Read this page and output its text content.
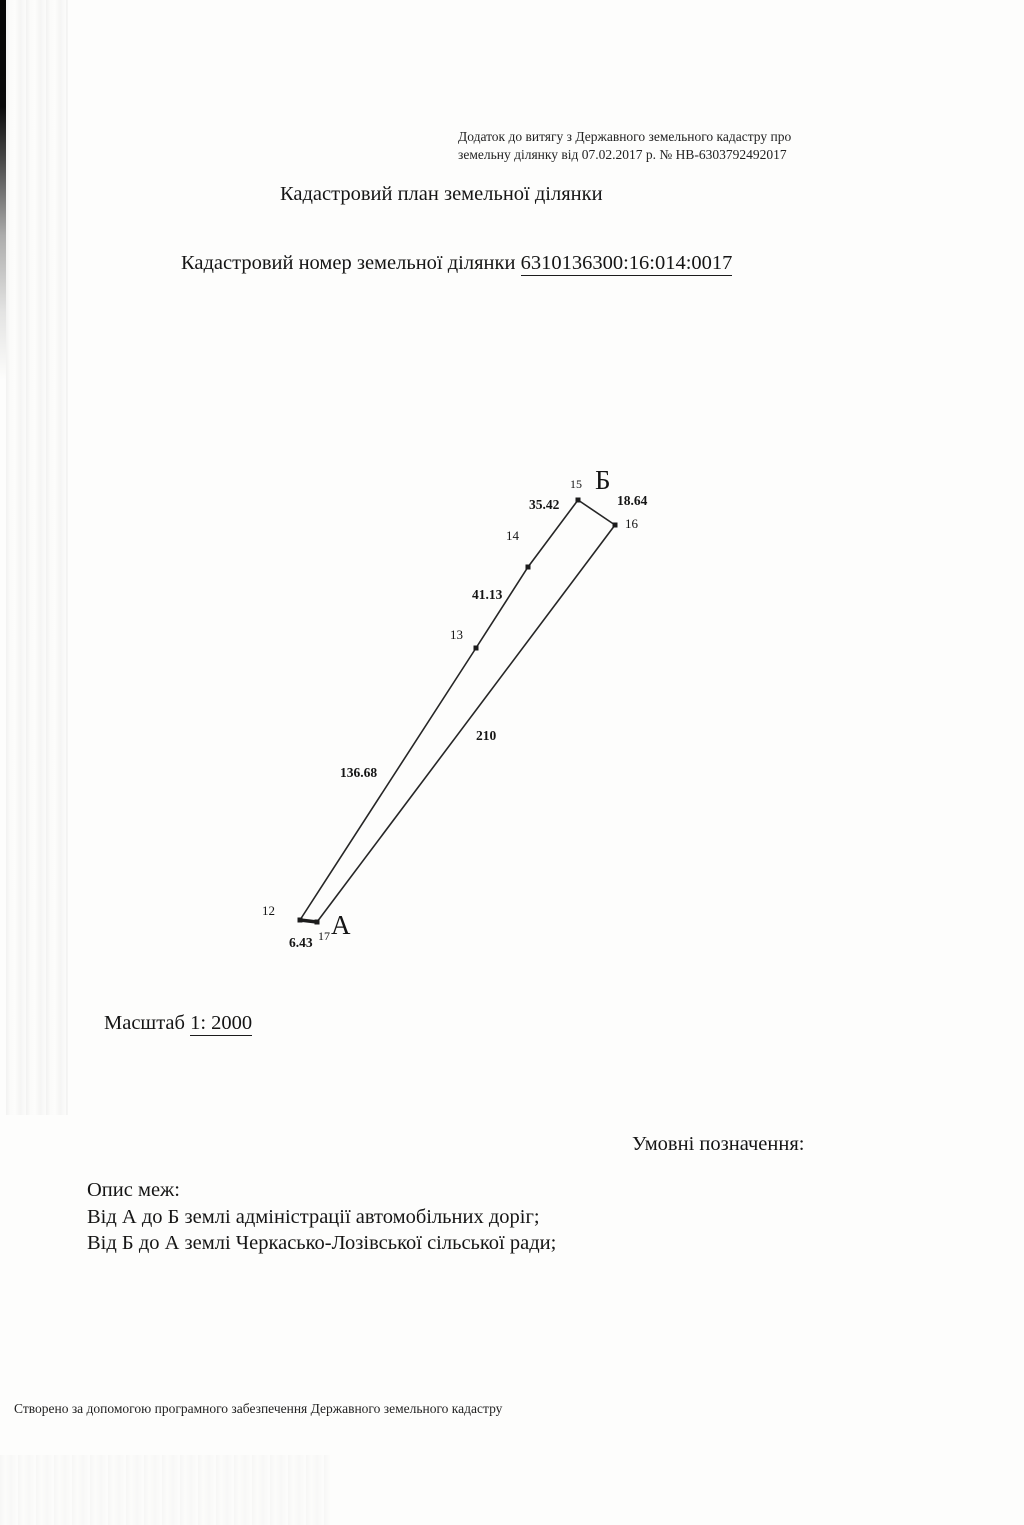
Додаток до витягу з Державного земельного кадастру про
земельну ділянку від 07.02.2017 р. № НВ-6303792492017
Кадастровий план земельної ділянки
Кадастровий номер земельної ділянки 6310136300:16:014:0017
15 Б
35.42	18.64
16
14
41.13
13
210
136.68
12
6.43 17 А
Масштаб 1: 2000
Умовні позначення:
Опис меж:
Від А до Б землі адміністрації автомобільних доріг;
Від Б до А землі Черкасько-Лозівської сільської ради;
Створено за допомогою програмного забезпечення Державного земельного кадастру
